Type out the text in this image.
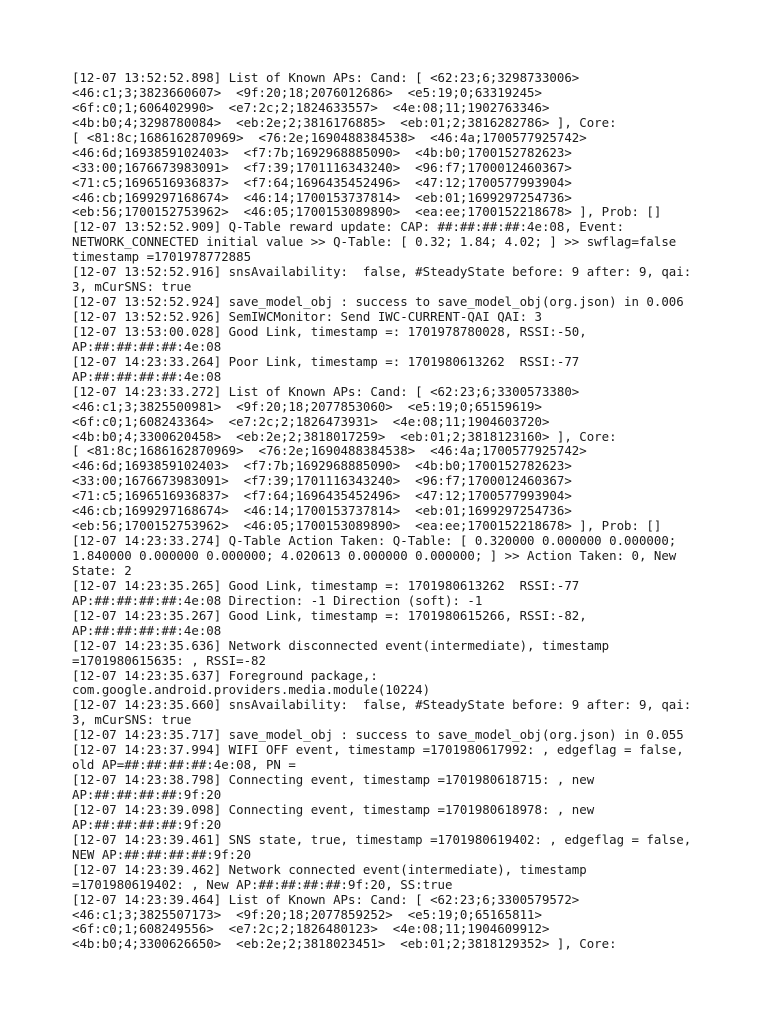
[12-07 13:52:52.898] List of Known APs: Cand: [ <62:23;6;3298733006>
<46:c1;3;3823660607>  <9f:20;18;2076012686>  <e5:19;0;63319245>
<6f:c0;1;606402990>  <e7:2c;2;1824633557>  <4e:08;11;1902763346>
<4b:b0;4;3298780084>  <eb:2e;2;3816176885>  <eb:01;2;3816282786> ], Core:
[ <81:8c;1686162870969>  <76:2e;1690488384538>  <46:4a;1700577925742>
<46:6d;1693859102403>  <f7:7b;1692968885090>  <4b:b0;1700152782623>
<33:00;1676673983091>  <f7:39;1701116343240>  <96:f7;1700012460367>
<71:c5;1696516936837>  <f7:64;1696435452496>  <47:12;1700577993904>
<46:cb;1699297168674>  <46:14;1700153737814>  <eb:01;1699297254736>
<eb:56;1700152753962>  <46:05;1700153089890>  <ea:ee;1700152218678> ], Prob: []
[12-07 13:52:52.909] Q-Table reward update: CAP: ##:##:##:##:4e:08, Event:
NETWORK_CONNECTED initial value >> Q-Table: [ 0.32; 1.84; 4.02; ] >> swflag=false
timestamp =1701978772885
[12-07 13:52:52.916] snsAvailability:  false, #SteadyState before: 9 after: 9, qai:
3, mCurSNS: true
[12-07 13:52:52.924] save_model_obj : success to save_model_obj(org.json) in 0.006
[12-07 13:52:52.926] SemIWCMonitor: Send IWC-CURRENT-QAI QAI: 3
[12-07 13:53:00.028] Good Link, timestamp =: 1701978780028, RSSI:-50,
AP:##:##:##:##:4e:08
[12-07 14:23:33.264] Poor Link, timestamp =: 1701980613262  RSSI:-77
AP:##:##:##:##:4e:08
[12-07 14:23:33.272] List of Known APs: Cand: [ <62:23;6;3300573380>
<46:c1;3;3825500981>  <9f:20;18;2077853060>  <e5:19;0;65159619>
<6f:c0;1;608243364>  <e7:2c;2;1826473931>  <4e:08;11;1904603720>
<4b:b0;4;3300620458>  <eb:2e;2;3818017259>  <eb:01;2;3818123160> ], Core:
[ <81:8c;1686162870969>  <76:2e;1690488384538>  <46:4a;1700577925742>
<46:6d;1693859102403>  <f7:7b;1692968885090>  <4b:b0;1700152782623>
<33:00;1676673983091>  <f7:39;1701116343240>  <96:f7;1700012460367>
<71:c5;1696516936837>  <f7:64;1696435452496>  <47:12;1700577993904>
<46:cb;1699297168674>  <46:14;1700153737814>  <eb:01;1699297254736>
<eb:56;1700152753962>  <46:05;1700153089890>  <ea:ee;1700152218678> ], Prob: []
[12-07 14:23:33.274] Q-Table Action Taken: Q-Table: [ 0.320000 0.000000 0.000000;
1.840000 0.000000 0.000000; 4.020613 0.000000 0.000000; ] >> Action Taken: 0, New
State: 2
[12-07 14:23:35.265] Good Link, timestamp =: 1701980613262  RSSI:-77
AP:##:##:##:##:4e:08 Direction: -1 Direction (soft): -1
[12-07 14:23:35.267] Good Link, timestamp =: 1701980615266, RSSI:-82,
AP:##:##:##:##:4e:08
[12-07 14:23:35.636] Network disconnected event(intermediate), timestamp
=1701980615635: , RSSI=-82
[12-07 14:23:35.637] Foreground package,:
com.google.android.providers.media.module(10224)
[12-07 14:23:35.660] snsAvailability:  false, #SteadyState before: 9 after: 9, qai:
3, mCurSNS: true
[12-07 14:23:35.717] save_model_obj : success to save_model_obj(org.json) in 0.055
[12-07 14:23:37.994] WIFI OFF event, timestamp =1701980617992: , edgeflag = false,
old AP=##:##:##:##:4e:08, PN =
[12-07 14:23:38.798] Connecting event, timestamp =1701980618715: , new
AP:##:##:##:##:9f:20
[12-07 14:23:39.098] Connecting event, timestamp =1701980618978: , new
AP:##:##:##:##:9f:20
[12-07 14:23:39.461] SNS state, true, timestamp =1701980619402: , edgeflag = false,
NEW AP:##:##:##:##:9f:20
[12-07 14:23:39.462] Network connected event(intermediate), timestamp
=1701980619402: , New AP:##:##:##:##:9f:20, SS:true
[12-07 14:23:39.464] List of Known APs: Cand: [ <62:23;6;3300579572>
<46:c1;3;3825507173>  <9f:20;18;2077859252>  <e5:19;0;65165811>
<6f:c0;1;608249556>  <e7:2c;2;1826480123>  <4e:08;11;1904609912>
<4b:b0;4;3300626650>  <eb:2e;2;3818023451>  <eb:01;2;3818129352> ], Core:
